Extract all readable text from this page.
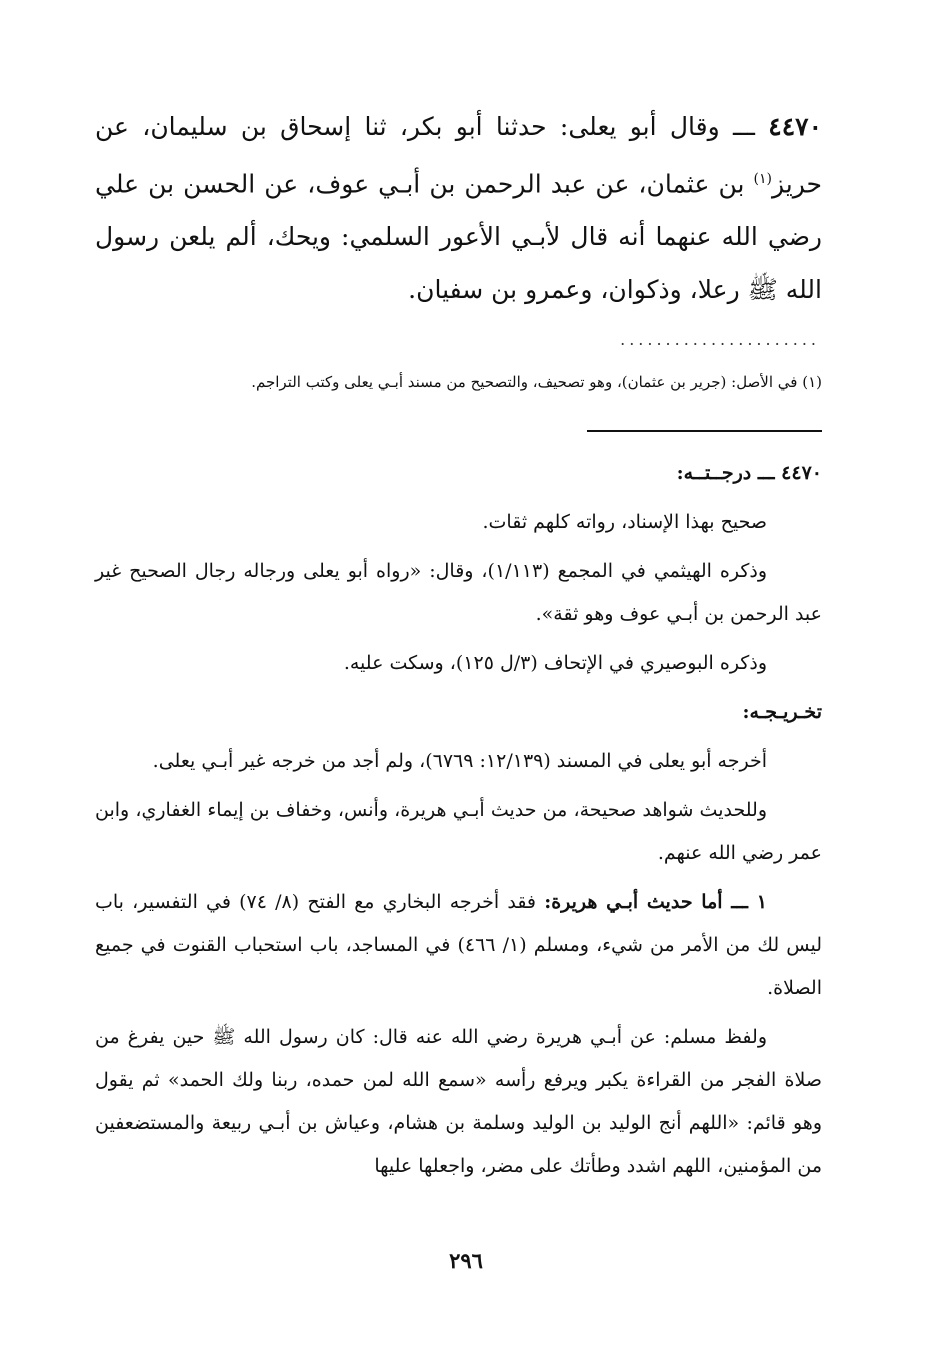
٤٤٧٠ ـــ وقال أبو يعلى: حدثنا أبو بكر، ثنا إسحاق بن سليمان، عن حريز$^{(١)}$ بن عثمان، عن عبد الرحمن بن أبـي عوف، عن الحسن بن علي رضي الله عنهما أنه قال لأبـي الأعور السلمي: ويحك، ألم يلعن رسول الله ﷺ رعلا، وذكوان، وعمرو بن سفيان.

......................
(١) في الأصل: (جرير بن عثمان)، وهو تصحيف، والتصحيح من مسند أبـي يعلى وكتب التراجم.

٤٤٧٠ ـــ درجــتــه:

صحيح بهذا الإسناد، رواته كلهم ثقات.

وذكره الهيثمي في المجمع (١/١١٣)، وقال: «رواه أبو يعلى ورجاله رجال الصحيح غير عبد الرحمن بن أبـي عوف وهو ثقة».

وذكره البوصيري في الإتحاف (٣/ل ١٢٥)، وسكت عليه.

تخـريـجـه:

أخرجه أبو يعلى في المسند (١٢/١٣٩: ٦٧٦٩)، ولم أجد من خرجه غير أبـي يعلى.

وللحديث شواهد صحيحة، من حديث أبـي هريرة، وأنس، وخفاف بن إيماء الغفاري، وابن عمر رضي الله عنهم.

١ ـــ أما حديث أبـي هريرة: فقد أخرجه البخاري مع الفتح (٨/ ٧٤) في التفسير، باب ليس لك من الأمر من شيء، ومسلم (١/ ٤٦٦) في المساجد، باب استحباب القنوت في جميع الصلاة.

ولفظ مسلم: عن أبـي هريرة رضي الله عنه قال: كان رسول الله ﷺ حين يفرغ من صلاة الفجر من القراءة يكبر ويرفع رأسه «سمع الله لمن حمده، ربنا ولك الحمد» ثم يقول وهو قائم: «اللهم أنج الوليد بن الوليد وسلمة بن هشام، وعياش بن أبـي ربيعة والمستضعفين من المؤمنين، اللهم اشدد وطأتك على مضر، واجعلها عليها

٢٩٦
